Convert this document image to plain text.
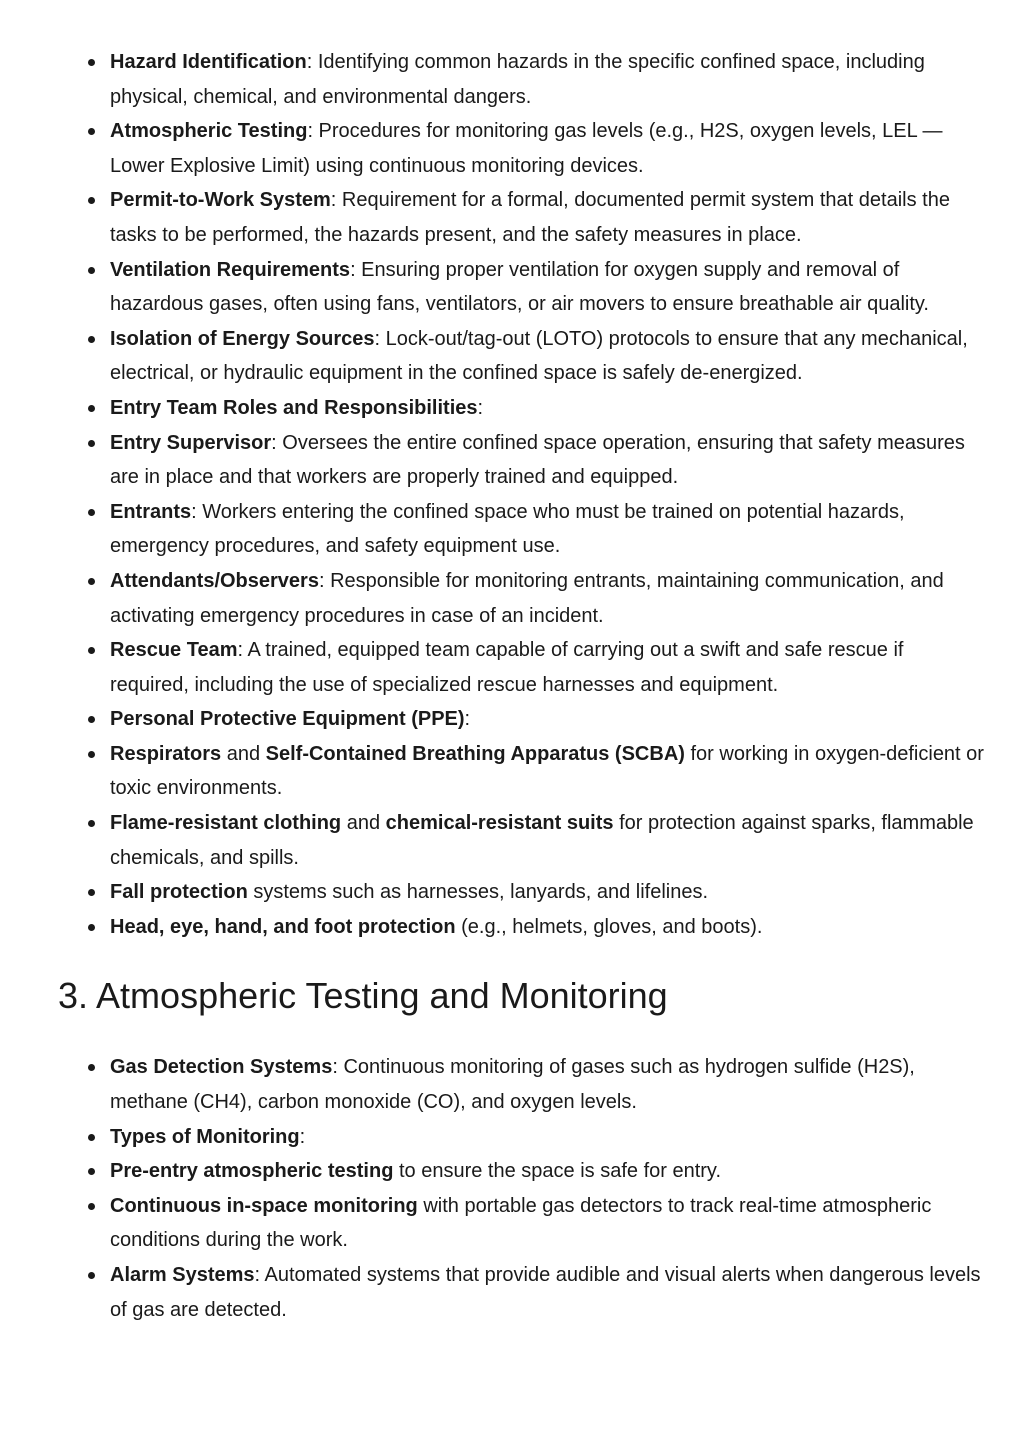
Hazard Identification: Identifying common hazards in the specific confined space, including physical, chemical, and environmental dangers.
Atmospheric Testing: Procedures for monitoring gas levels (e.g., H2S, oxygen levels, LEL — Lower Explosive Limit) using continuous monitoring devices.
Permit-to-Work System: Requirement for a formal, documented permit system that details the tasks to be performed, the hazards present, and the safety measures in place.
Ventilation Requirements: Ensuring proper ventilation for oxygen supply and removal of hazardous gases, often using fans, ventilators, or air movers to ensure breathable air quality.
Isolation of Energy Sources: Lock-out/tag-out (LOTO) protocols to ensure that any mechanical, electrical, or hydraulic equipment in the confined space is safely de-energized.
Entry Team Roles and Responsibilities:
Entry Supervisor: Oversees the entire confined space operation, ensuring that safety measures are in place and that workers are properly trained and equipped.
Entrants: Workers entering the confined space who must be trained on potential hazards, emergency procedures, and safety equipment use.
Attendants/Observers: Responsible for monitoring entrants, maintaining communication, and activating emergency procedures in case of an incident.
Rescue Team: A trained, equipped team capable of carrying out a swift and safe rescue if required, including the use of specialized rescue harnesses and equipment.
Personal Protective Equipment (PPE):
Respirators and Self-Contained Breathing Apparatus (SCBA) for working in oxygen-deficient or toxic environments.
Flame-resistant clothing and chemical-resistant suits for protection against sparks, flammable chemicals, and spills.
Fall protection systems such as harnesses, lanyards, and lifelines.
Head, eye, hand, and foot protection (e.g., helmets, gloves, and boots).
3. Atmospheric Testing and Monitoring
Gas Detection Systems: Continuous monitoring of gases such as hydrogen sulfide (H2S), methane (CH4), carbon monoxide (CO), and oxygen levels.
Types of Monitoring:
Pre-entry atmospheric testing to ensure the space is safe for entry.
Continuous in-space monitoring with portable gas detectors to track real-time atmospheric conditions during the work.
Alarm Systems: Automated systems that provide audible and visual alerts when dangerous levels of gas are detected.
